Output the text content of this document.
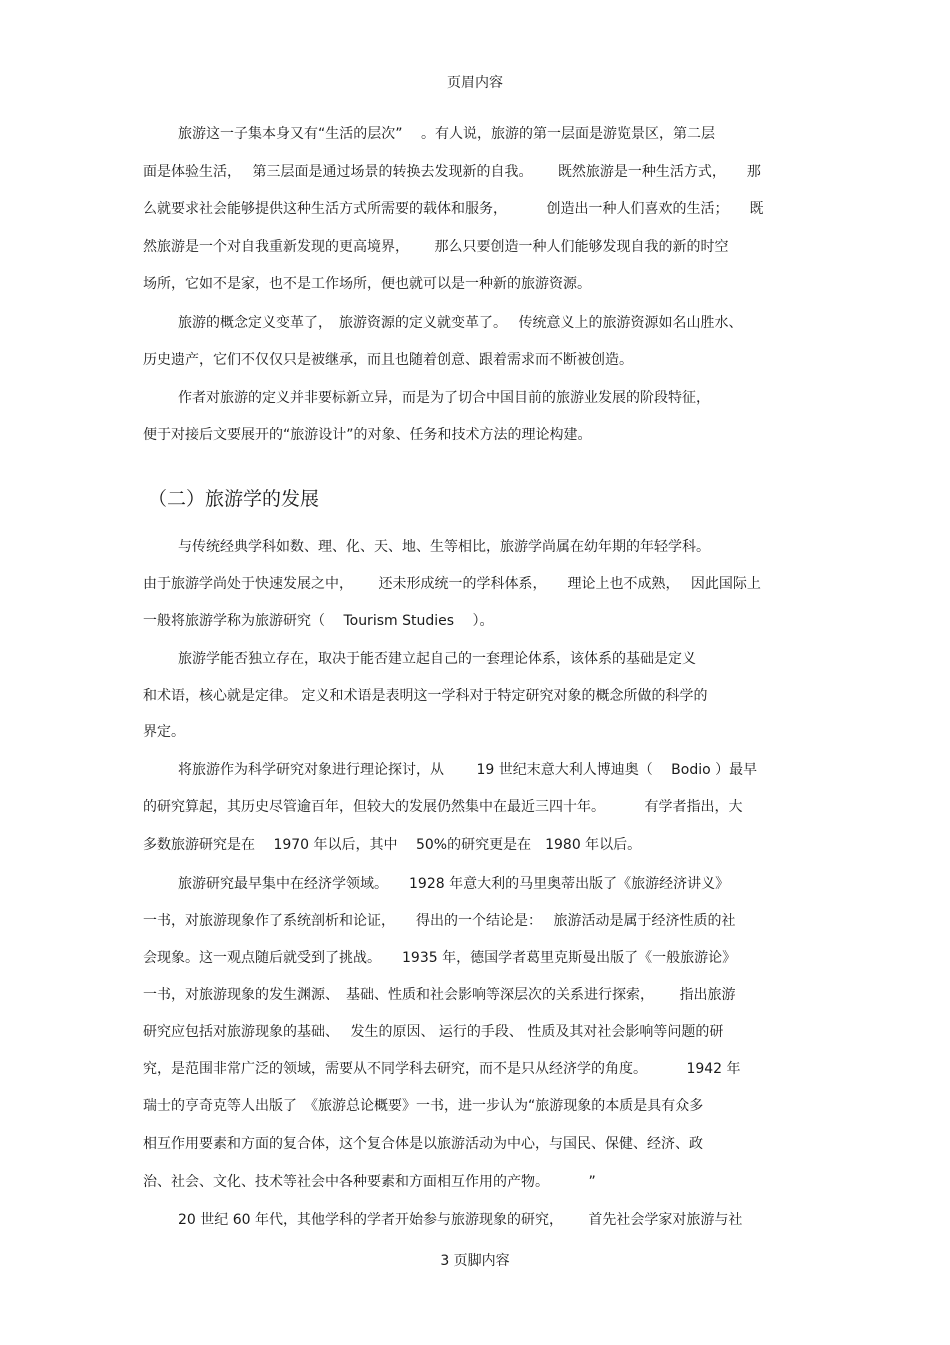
页眉内容
旅游这一子集本身又有“生活的层次”　 。有人说，旅游的第一层面是游览景区，第二层
面是体验生活，　 第三层面是通过场景的转换去发现新的自我。　　 既然旅游是一种生活方式，　　那
么就要求社会能够提供这种生活方式所需要的载体和服务，　　　 创造出一种人们喜欢的生活；　　既
然旅游是一个对自我重新发现的更高境界，　　 那么只要创造一种人们能够发现自我的新的时空
场所，它如不是家，也不是工作场所，便也就可以是一种新的旅游资源。
旅游的概念定义变革了，　旅游资源的定义就变革了。　 传统意义上的旅游资源如名山胜水、
历史遗产，它们不仅仅只是被继承，而且也随着创意、跟着需求而不断被创造。
作者对旅游的定义并非要标新立异，而是为了切合中国目前的旅游业发展的阶段特征，
便于对接后文要展开的“旅游设计”的对象、任务和技术方法的理论构建。
（二）旅游学的发展
与传统经典学科如数、理、化、天、地、生等相比，旅游学尚属在幼年期的年轻学科。
由于旅游学尚处于快速发展之中，　　 还未形成统一的学科体系，　　理论上也不成熟，　 因此国际上
一般将旅游学称为旅游研究（　 Tourism Studies　 ）。
旅游学能否独立存在，取决于能否建立起自己的一套理论体系，该体系的基础是定义
和术语，核心就是定律。 定义和术语是表明这一学科对于特定研究对象的概念所做的科学的
界定。
将旅游作为科学研究对象进行理论探讨，从　　 19 世纪末意大利人博迪奥（　 Bodio ）最早
的研究算起，其历史尽管逾百年，但较大的发展仍然集中在最近三四十年。　　　 有学者指出，大
多数旅游研究是在　 1970 年以后，其中　 50%的研究更是在　1980 年以后。
旅游研究最早集中在经济学领域。　　1928 年意大利的马里奥蒂出版了《旅游经济讲义》
一书，对旅游现象作了系统剖析和论证，　　得出的一个结论是：　 旅游活动是属于经济性质的社
会现象。这一观点随后就受到了挑战。　　1935 年，德国学者葛里克斯曼出版了《一般旅游论》
一书，对旅游现象的发生渊源、　基础、性质和社会影响等深层次的关系进行探索，　　 指出旅游
研究应包括对旅游现象的基础、　 发生的原因、 运行的手段、 性质及其对社会影响等问题的研
究，是范围非常广泛的领域，需要从不同学科去研究，而不是只从经济学的角度。　　　 1942 年
瑞士的亨奇克等人出版了　《旅游总论概要》一书，进一步认为“旅游现象的本质是具有众多
相互作用要素和方面的复合体，这个复合体是以旅游活动为中心，与国民、保健、经济、政
治、社会、文化、技术等社会中各种要素和方面相互作用的产物。　　　 ”
20 世纪 60 年代，其他学科的学者开始参与旅游现象的研究，　　 首先社会学家对旅游与社
3 页脚内容
